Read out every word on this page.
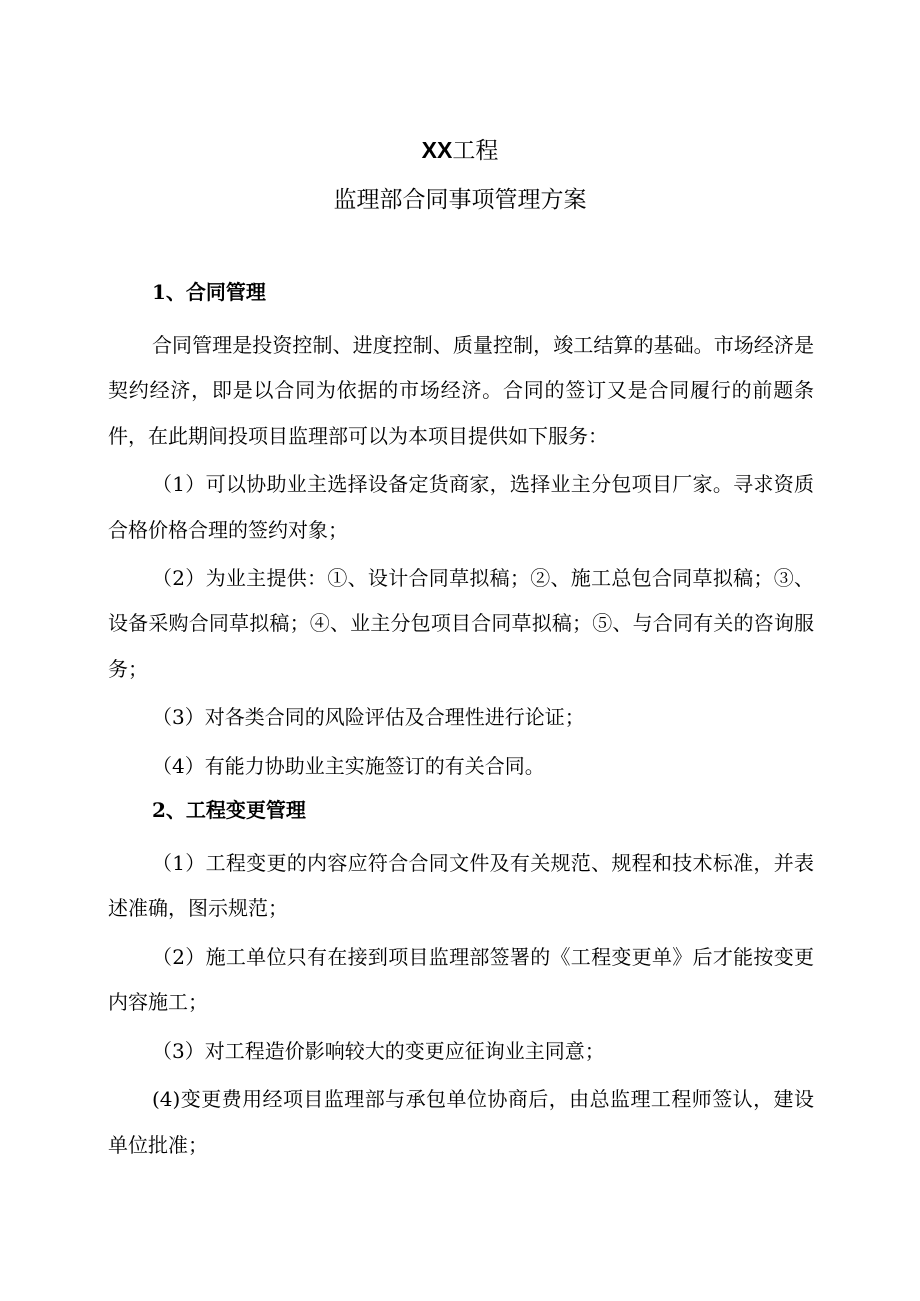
XX工程
监理部合同事项管理方案
1、合同管理
合同管理是投资控制、进度控制、质量控制，竣工结算的基础。市场经济是契约经济，即是以合同为依据的市场经济。合同的签订又是合同履行的前题条件，在此期间投项目监理部可以为本项目提供如下服务：
（1）可以协助业主选择设备定货商家，选择业主分包项目厂家。寻求资质合格价格合理的签约对象；
（2）为业主提供：①、设计合同草拟稿；②、施工总包合同草拟稿；③、设备采购合同草拟稿；④、业主分包项目合同草拟稿；⑤、与合同有关的咨询服务；
（3）对各类合同的风险评估及合理性进行论证；
（4）有能力协助业主实施签订的有关合同。
2、工程变更管理
（1）工程变更的内容应符合合同文件及有关规范、规程和技术标准，并表述准确，图示规范；
（2）施工单位只有在接到项目监理部签署的《工程变更单》后才能按变更内容施工；
（3）对工程造价影响较大的变更应征询业主同意；
(4)变更费用经项目监理部与承包单位协商后，由总监理工程师签认，建设单位批准；
